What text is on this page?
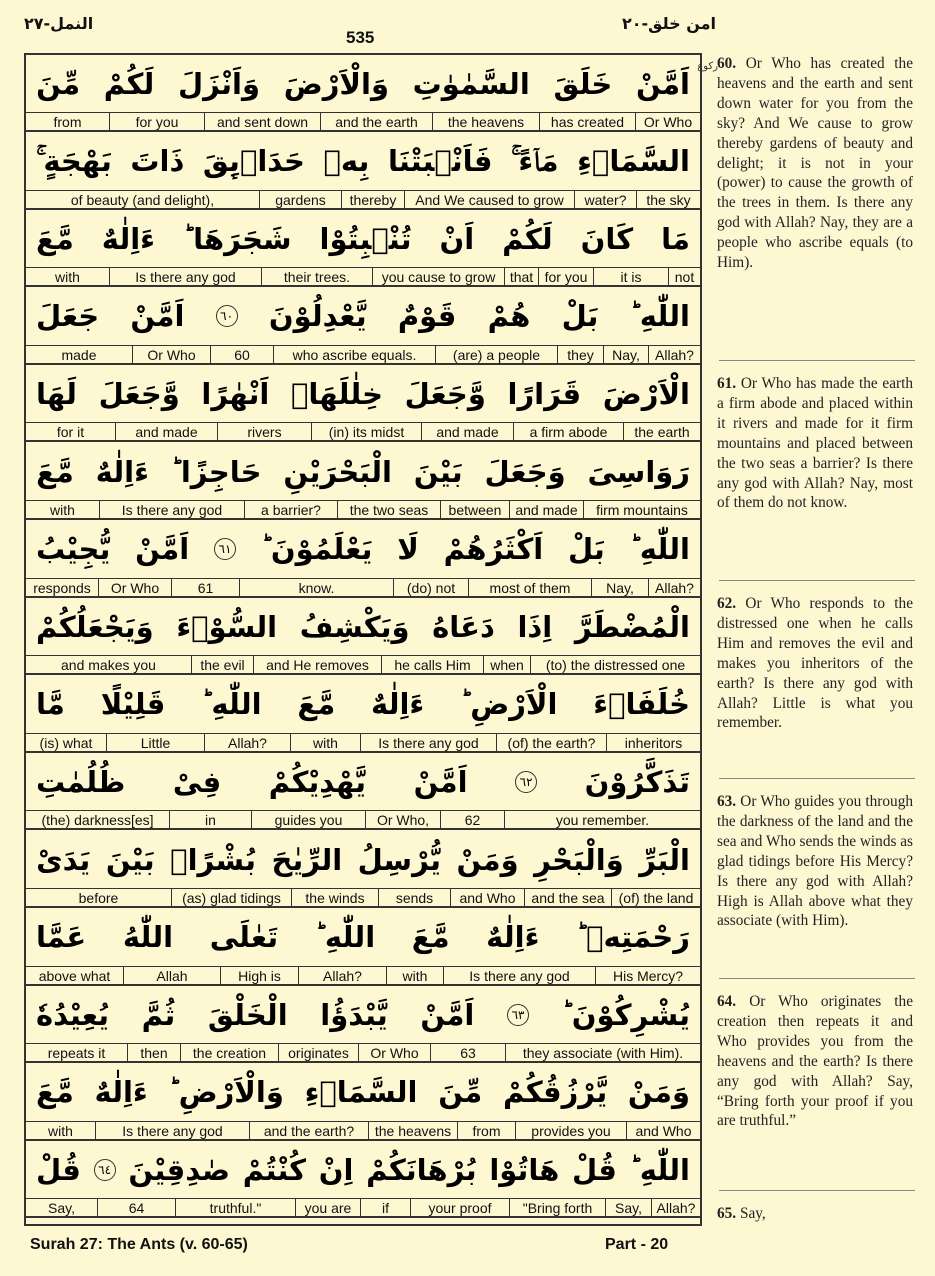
امن خلق-٢٠
535
النمل-٢٧
ركوع
اَمَّنْ
خَلَقَ
السَّمٰوٰتِ
وَالْاَرْضَ
وَاَنْزَلَ
لَكُمْ
مِّنَ
Or Who
has created
the heavens
and the earth
and sent down
for you
from
السَّمَاۤءِ
مَاۤءً ۚ
فَاَنْۢبَتْنَا
بِهٖ
حَدَاۤىِٕقَ
ذَاتَ
بَهْجَةٍ ۚ
the sky
water?
And We caused to grow
thereby
gardens
of beauty (and delight),
مَا
كَانَ
لَكُمْ
اَنْ
تُنْۢبِتُوْا
شَجَرَهَا ؕ
ءَاِلٰهٌ
مَّعَ
not
it is
for you
that
you cause to grow
their trees.
Is there any god
with
اللّٰهِ ؕ
بَلْ
هُمْ
قَوْمٌ
يَّعْدِلُوْنَ
٦٠
اَمَّنْ
جَعَلَ
Allah?
Nay,
they
(are) a people
who ascribe equals.
60
Or Who
made
الْاَرْضَ
قَرَارًا
وَّجَعَلَ
خِلٰلَهَاۤ
اَنْهٰرًا
وَّجَعَلَ
لَهَا
the earth
a firm abode
and made
(in) its midst
rivers
and made
for it
رَوَاسِىَ
وَجَعَلَ
بَيْنَ
الْبَحْرَيْنِ
حَاجِزًا ؕ
ءَاِلٰهٌ
مَّعَ
firm mountains
and made
between
the two seas
a barrier?
Is there any god
with
اللّٰهِ ؕ
بَلْ
اَكْثَرُهُمْ
لَا
يَعْلَمُوْنَ ؕ
٦١
اَمَّنْ
يُّجِيْبُ
Allah?
Nay,
most of them
(do) not
know.
61
Or Who
responds
الْمُضْطَرَّ
اِذَا
دَعَاهُ
وَيَكْشِفُ
السُّوْۤءَ
وَيَجْعَلُكُمْ
(to) the distressed one
when
he calls Him
and He removes
the evil
and makes you
خُلَفَاۤءَ
الْاَرْضِ ؕ
ءَاِلٰهٌ
مَّعَ
اللّٰهِ ؕ
قَلِيْلًا
مَّا
inheritors
(of) the earth?
Is there any god
with
Allah?
Little
(is) what
تَذَكَّرُوْنَ
٦٢
اَمَّنْ
يَّهْدِيْكُمْ
فِىْ
ظُلُمٰتِ
you remember.
62
Or Who,
guides you
in
(the) darkness[es]
الْبَرِّ
وَالْبَحْرِ
وَمَنْ
يُّرْسِلُ
الرِّيٰحَ
بُشْرًاۢ
بَيْنَ
يَدَىْ
(of) the land
and the sea
and Who
sends
the winds
(as) glad tidings
before
رَحْمَتِهٖ ؕ
ءَاِلٰهٌ
مَّعَ
اللّٰهِ ؕ
تَعٰلَى
اللّٰهُ
عَمَّا
His Mercy?
Is there any god
with
Allah?
High is
Allah
above what
يُشْرِكُوْنَ ؕ
٦٣
اَمَّنْ
يَّبْدَؤُا
الْخَلْقَ
ثُمَّ
يُعِيْدُهٗ
they associate (with Him).
63
Or Who
originates
the creation
then
repeats it
وَمَنْ
يَّرْزُقُكُمْ
مِّنَ
السَّمَاۤءِ
وَالْاَرْضِ ؕ
ءَاِلٰهٌ
مَّعَ
and Who
provides you
from
the heavens
and the earth?
Is there any god
with
اللّٰهِ ؕ
قُلْ
هَاتُوْا
بُرْهَانَكُمْ
اِنْ
كُنْتُمْ
صٰدِقِيْنَ
٦٤
قُلْ
Allah?
Say,
"Bring forth
your proof
if
you are
truthful."
64
Say,
60. Or Who has created the heavens and the earth and sent down water for you from the sky? And We cause to grow thereby gardens of beauty and delight; it is not in your (power) to cause the growth of the trees in them. Is there any god with Allah? Nay, they are a people who ascribe equals (to Him).
61. Or Who has made the earth a firm abode and placed within it rivers and made for it firm mountains and placed between the two seas a barrier? Is there any god with Allah? Nay, most of them do not know.
62. Or Who responds to the distressed one when he calls Him and removes the evil and makes you inheritors of the earth? Is there any god with Allah? Little is what you remember.
63. Or Who guides you through the darkness of the land and the sea and Who sends the winds as glad tidings before His Mercy? Is there any god with Allah? High is Allah above what they associate (with Him).
64. Or Who originates the creation then repeats it and Who provides you from the heavens and the earth? Is there any god with Allah? Say, “Bring forth your proof if you are truthful.”
65. Say,
Surah 27: The Ants (v. 60-65)	Part - 20
